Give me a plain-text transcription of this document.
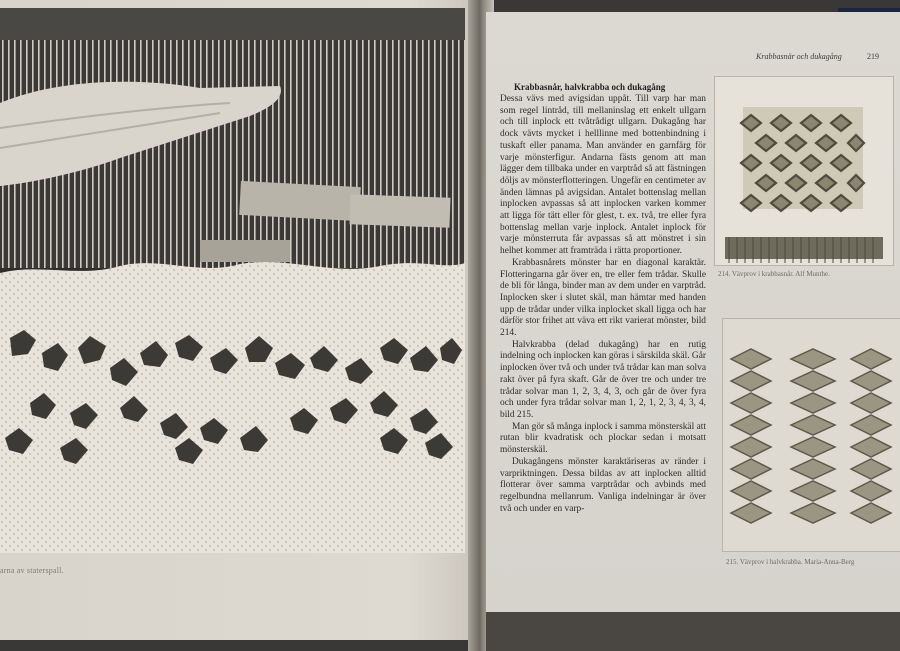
arna av staterspall.
Krabbasnär och dukagång	219
Krabbasnår, halvkrabba och dukagång

Dessa vävs med avigsidan uppåt. Till varp har man som regel lintråd, till mellaninslag ett enkelt ullgarn och till inplock ett tvåtrådigt ullgarn. Dukagång har dock vävts mycket i helllinne med bottenbindning i tuskaft eller panama. Man använder en garnfärg för varje mönsterfigur. Andarna fästs genom att man lägger dem tillbaka under en varptråd så att fästningen döljs av mönsterflotteringen. Ungefär en centimeter av änden lämnas på avigsidan. Antalet bottenslag mellan inplocken avpassas så att inplocken varken kommer att ligga för tätt eller för glest, t. ex. två, tre eller fyra bottenslag mellan varje inplock. Antalet inplock för varje mönsterruta får avpassas så att mönstret i sin helhet kommer att framträda i rätta proportioner.

Krabbasnårets mönster har en diagonal karaktär. Flotteringarna går över en, tre eller fem trådar. Skulle de bli för långa, binder man av dem under en varptråd. Inplocken sker i slutet skäl, man hämtar med handen upp de trådar under vilka inplocket skall ligga och har därför stor frihet att väva ett rikt varierat mönster, bild 214.

Halvkrabba (delad dukagång) har en rutig indelning och inplocken kan göras i särskilda skäl. Går inplocken över två och under två trådar kan man solva rakt över på fyra skaft. Går de över tre och under tre trådar solvar man 1, 2, 3, 4, 3, och går de över fyra och under fyra trådar solvar man 1, 2, 1, 2, 3, 4, 3, 4, bild 215.

Man gör så många inplock i samma mönsterskäl att rutan blir kvadratisk och plockar sedan i motsatt mönsterskäl.

Dukagångens mönster karaktäriseras av ränder i varpriktningen. Dessa bildas av att inplocken alltid flotterar över samma varptrådar och avbinds med regelbundna mellanrum. Vanliga indelningar är över två och under en varp-

214. Vävprov i krabbasnår. Alf Munthe.
215. Vävprov i halvkrabba. Maria-Anna-Berg
